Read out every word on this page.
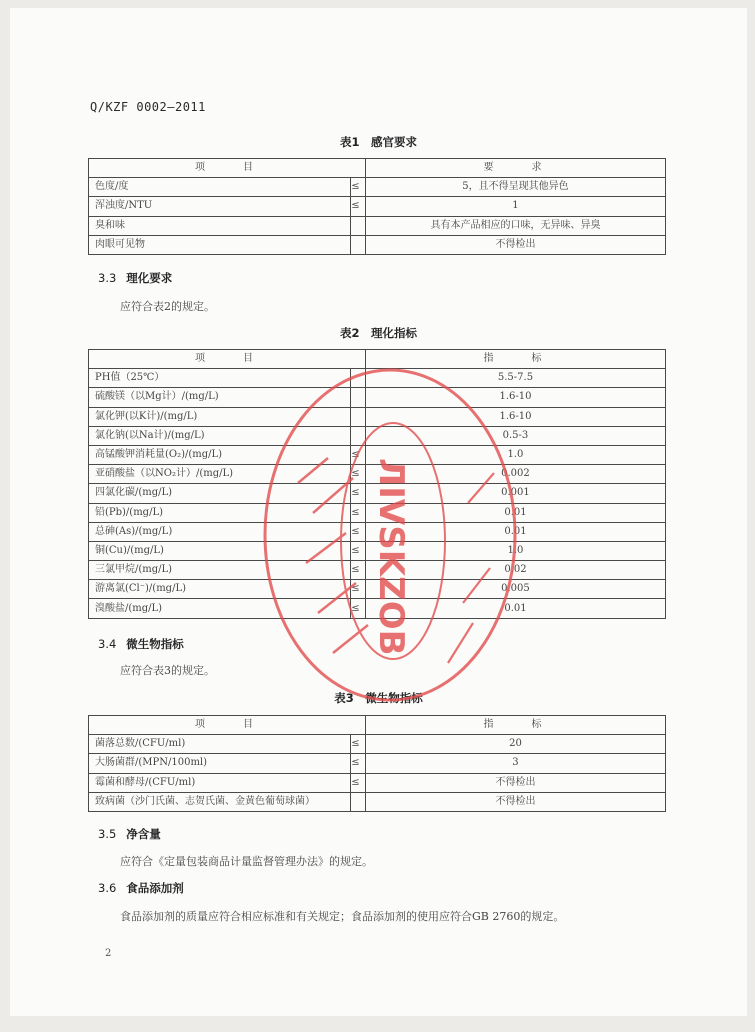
Q/KZF 0002—2011
表1　感官要求
项　　目		要　　求
色度/度	≤	5，且不得呈现其他异色
浑浊度/NTU	≤	1
臭和味		具有本产品相应的口味，无异味、异臭
肉眼可见物		不得检出
3.3 理化要求
应符合表2的规定。
表2　理化指标
项　　目		指　　标
PH值（25℃）		5.5-7.5
硫酸镁（以Mg计）/(mg/L)		1.6-10
氯化钾(以K计)/(mg/L)		1.6-10
氯化钠(以Na计)/(mg/L)		0.5-3
高锰酸钾消耗量(O₂)/(mg/L)	≤	1.0
亚硝酸盐（以NO₂计）/(mg/L)	≤	0.002
四氯化碳/(mg/L)	≤	0.001
铅(Pb)/(mg/L)	≤	0.01
总砷(As)/(mg/L)	≤	0.01
铜(Cu)/(mg/L)	≤	1.0
三氯甲烷/(mg/L)	≤	0.02
游离氯(Cl⁻)/(mg/L)	≤	0.005
溴酸盐/(mg/L)	≤	0.01
3.4 微生物指标
应符合表3的规定。
表3　微生物指标
项　　目		指　　标
菌落总数/(CFU/ml)	≤	20
大肠菌群/(MPN/100ml)	≤	3
霉菌和酵母/(CFU/ml)	≤	不得检出
致病菌（沙门氏菌、志贺氏菌、金黄色葡萄球菌）		不得检出
3.5 净含量
应符合《定量包装商品计量监督管理办法》的规定。
3.6 食品添加剂
食品添加剂的质量应符合相应标准和有关规定；食品添加剂的使用应符合GB 2760的规定。
2
ЛIVSKZOB
